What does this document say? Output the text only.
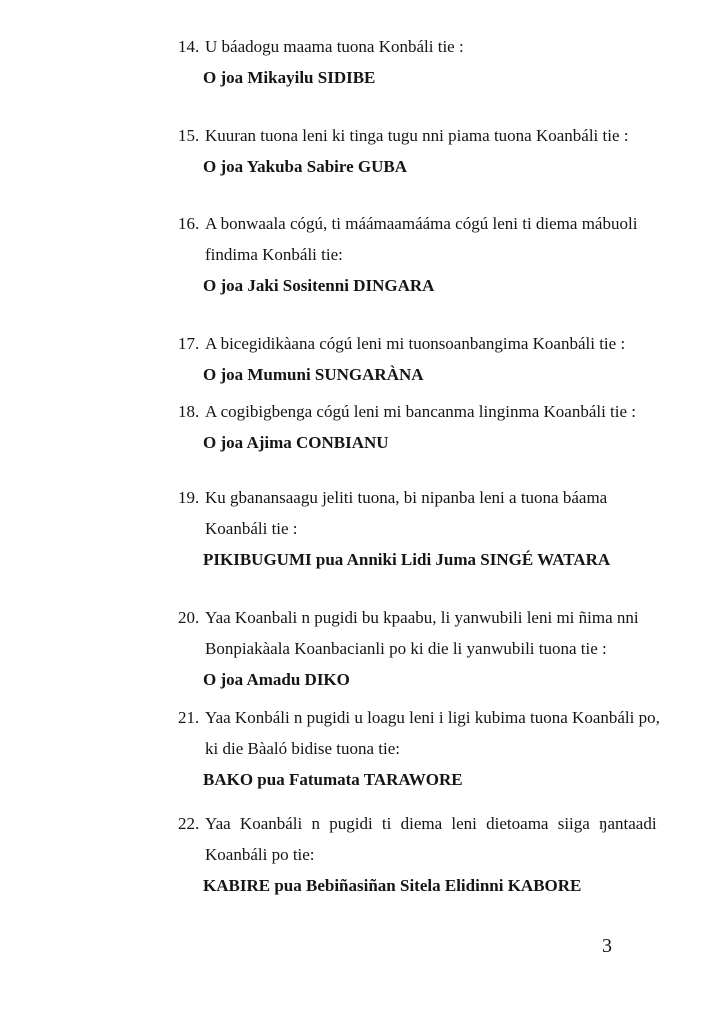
14. U báadogu maama tuona Konbáli tie :
O joa Mikayilu SIDIBE
15. Kuuran tuona leni ki tinga tugu nni piama tuona Koanbáli tie :
O joa Yakuba Sabire GUBA
16. A bonwaala cógú, ti máámaamááma cógú leni ti diema mábuoli
findima Konbáli tie:
O joa Jaki Sositenni DINGARA
17. A bicegidikàana cógú leni mi tuonsoanbangima Koanbáli tie :
O joa Mumuni SUNGARÀNA
18. A cogibigbenga cógú leni mi bancanma linginma Koanbáli tie :
O joa Ajima CONBIANU
19. Ku gbanansaagu jeliti tuona, bi nipanba leni a tuona báama
Koanbáli tie :
PIKIBUGUMI pua Anniki Lidi Juma SINGÉ WATARA
20. Yaa Koanbali n pugidi bu kpaabu, li yanwubili leni mi ñima nni
Bonpiakàala Koanbacianli po ki die li yanwubili tuona tie :
O joa Amadu DIKO
21. Yaa Konbáli n pugidi u loagu leni i ligi kubima tuona Koanbáli po,
ki die Bàaló bidise tuona tie:
BAKO pua Fatumata TARAWORE
22. Yaa Koanbáli n pugidi ti diema leni dietoama siiga ŋantaadi
Koanbáli po tie:
KABIRE pua Bebiñasiñan Sitela Elidinni KABORE
3
